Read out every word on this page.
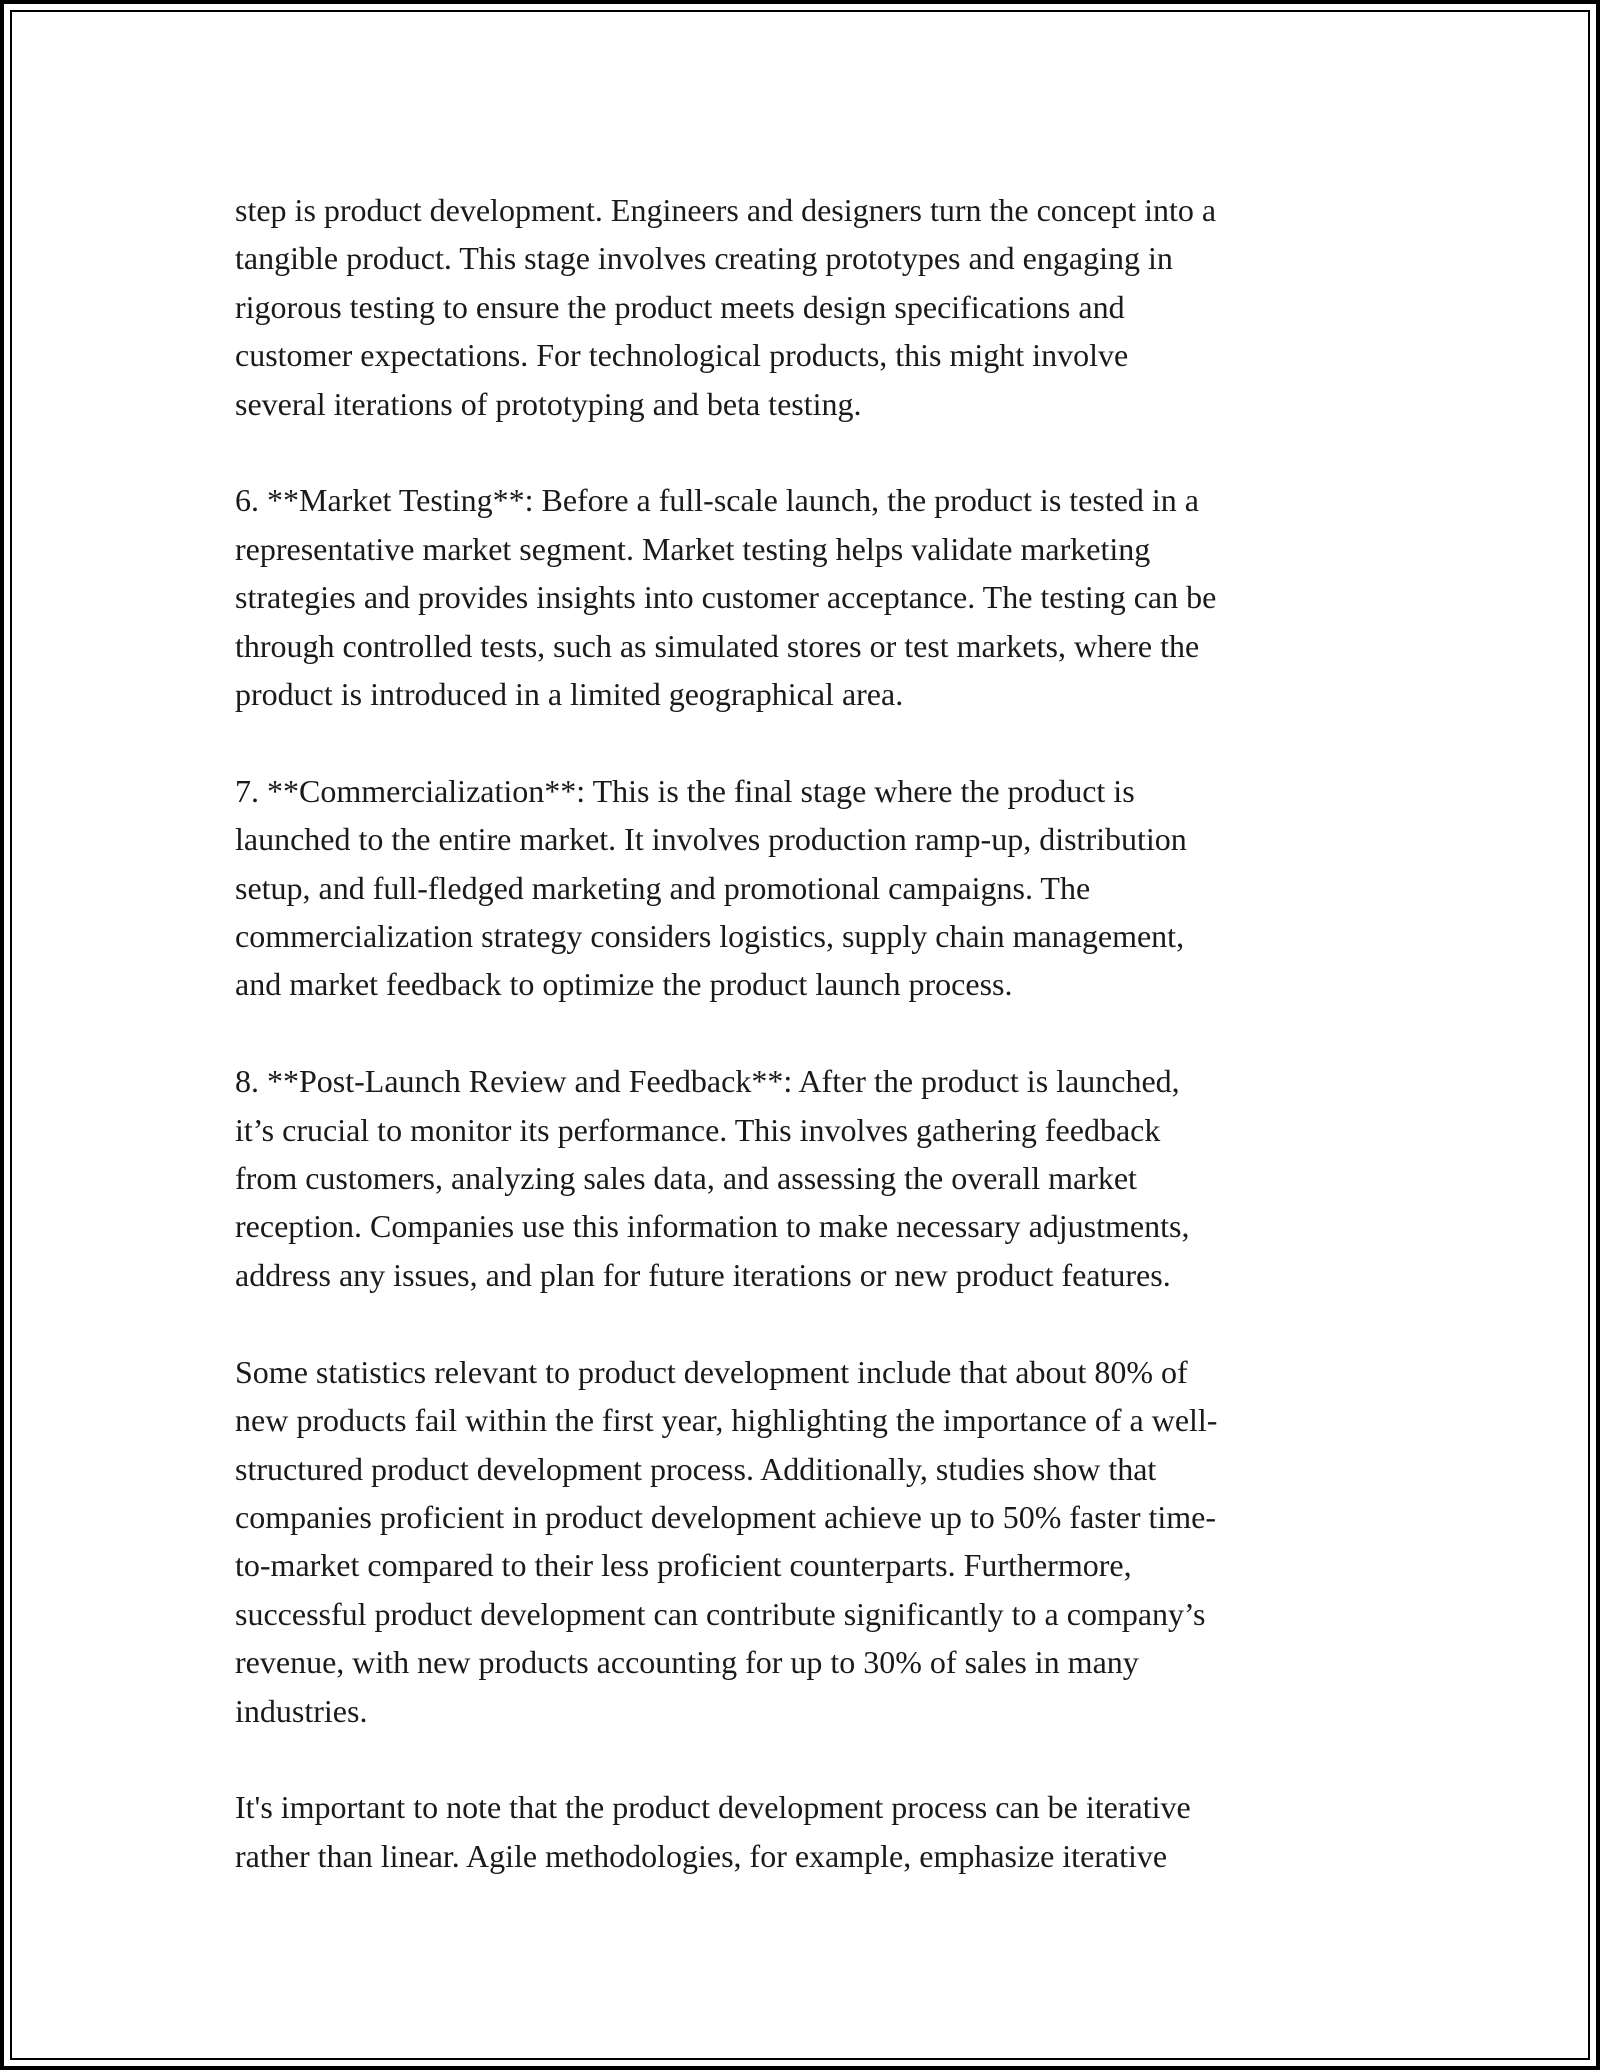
step is product development. Engineers and designers turn the concept into a
tangible product. This stage involves creating prototypes and engaging in
rigorous testing to ensure the product meets design specifications and
customer expectations. For technological products, this might involve
several iterations of prototyping and beta testing.

6. **Market Testing**: Before a full-scale launch, the product is tested in a
representative market segment. Market testing helps validate marketing
strategies and provides insights into customer acceptance. The testing can be
through controlled tests, such as simulated stores or test markets, where the
product is introduced in a limited geographical area.

7. **Commercialization**: This is the final stage where the product is
launched to the entire market. It involves production ramp-up, distribution
setup, and full-fledged marketing and promotional campaigns. The
commercialization strategy considers logistics, supply chain management,
and market feedback to optimize the product launch process.

8. **Post-Launch Review and Feedback**: After the product is launched,
it’s crucial to monitor its performance. This involves gathering feedback
from customers, analyzing sales data, and assessing the overall market
reception. Companies use this information to make necessary adjustments,
address any issues, and plan for future iterations or new product features.

Some statistics relevant to product development include that about 80% of
new products fail within the first year, highlighting the importance of a well-
structured product development process. Additionally, studies show that
companies proficient in product development achieve up to 50% faster time-
to-market compared to their less proficient counterparts. Furthermore,
successful product development can contribute significantly to a company’s
revenue, with new products accounting for up to 30% of sales in many
industries.

It's important to note that the product development process can be iterative
rather than linear. Agile methodologies, for example, emphasize iterative
